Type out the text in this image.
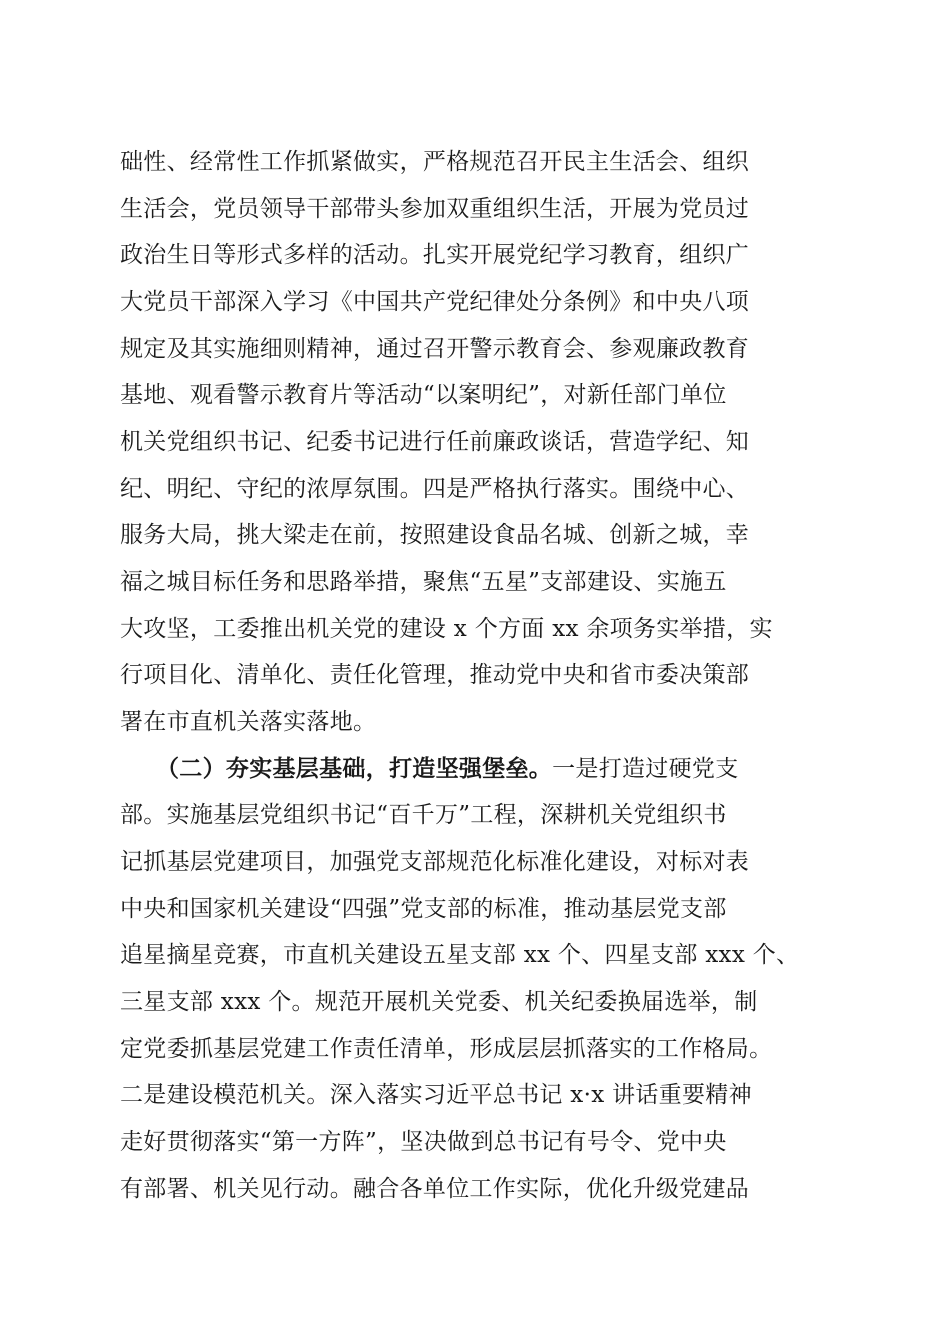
础性、经常性工作抓紧做实，严格规范召开民主生活会、组织
生活会，党员领导干部带头参加双重组织生活，开展为党员过
政治生日等形式多样的活动。扎实开展党纪学习教育，组织广
大党员干部深入学习《中国共产党纪律处分条例》和中央八项
规定及其实施细则精神，通过召开警示教育会、参观廉政教育
基地、观看警示教育片等活动“以案明纪”，对新任部门单位
机关党组织书记、纪委书记进行任前廉政谈话，营造学纪、知
纪、明纪、守纪的浓厚氛围。四是严格执行落实。围绕中心、
服务大局，挑大梁走在前，按照建设食品名城、创新之城，幸
福之城目标任务和思路举措，聚焦“五星”支部建设、实施五
大攻坚，工委推出机关党的建设 x 个方面 xx 余项务实举措，实
行项目化、清单化、责任化管理，推动党中央和省市委决策部
署在市直机关落实落地。
（二）夯实基层基础，打造坚强堡垒。一是打造过硬党支
部。实施基层党组织书记“百千万”工程，深耕机关党组织书
记抓基层党建项目，加强党支部规范化标准化建设，对标对表
中央和国家机关建设“四强”党支部的标准，推动基层党支部
追星摘星竞赛，市直机关建设五星支部 xx 个、四星支部 xxx 个、
三星支部 xxx 个。规范开展机关党委、机关纪委换届选举，制
定党委抓基层党建工作责任清单，形成层层抓落实的工作格局。
二是建设模范机关。深入落实习近平总书记 x·x 讲话重要精神
走好贯彻落实“第一方阵”，坚决做到总书记有号令、党中央
有部署、机关见行动。融合各单位工作实际，优化升级党建品
